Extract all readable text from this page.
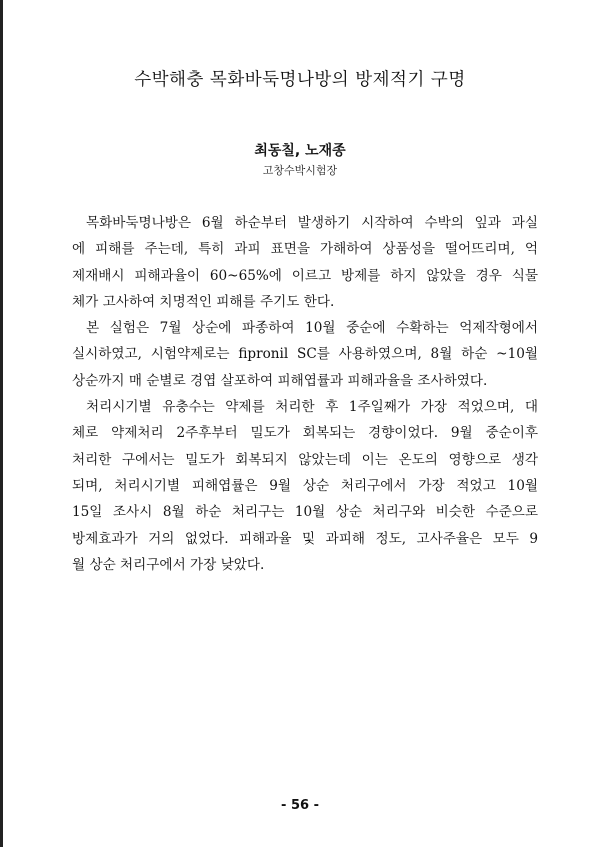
수박해충 목화바둑명나방의 방제적기 구명
최동칠, 노재종
고창수박시험장
목화바둑명나방은 6월 하순부터 발생하기 시작하여 수박의 잎과 과실
에 피해를 주는데, 특히 과피 표면을 가해하여 상품성을 떨어뜨리며, 억
제재배시 피해과율이 60~65%에 이르고 방제를 하지 않았을 경우 식물
체가 고사하여 치명적인 피해를 주기도 한다.
본 실험은 7월 상순에 파종하여 10월 중순에 수확하는 억제작형에서
실시하였고, 시험약제로는 fipronil SC를 사용하였으며, 8월 하순 ~10월
상순까지 매 순별로 경엽 살포하여 피해엽률과 피해과율을 조사하였다.
처리시기별 유충수는 약제를 처리한 후 1주일째가 가장 적었으며, 대
체로 약제처리 2주후부터 밀도가 회복되는 경향이었다. 9월 중순이후
처리한 구에서는 밀도가 회복되지 않았는데 이는 온도의 영향으로 생각
되며, 처리시기별 피해엽률은 9월 상순 처리구에서 가장 적었고 10월
15일 조사시 8월 하순 처리구는 10월 상순 처리구와 비슷한 수준으로
방제효과가 거의 없었다. 피해과율 및 과피해 정도, 고사주율은 모두 9
월 상순 처리구에서 가장 낮았다.
- 56 -
